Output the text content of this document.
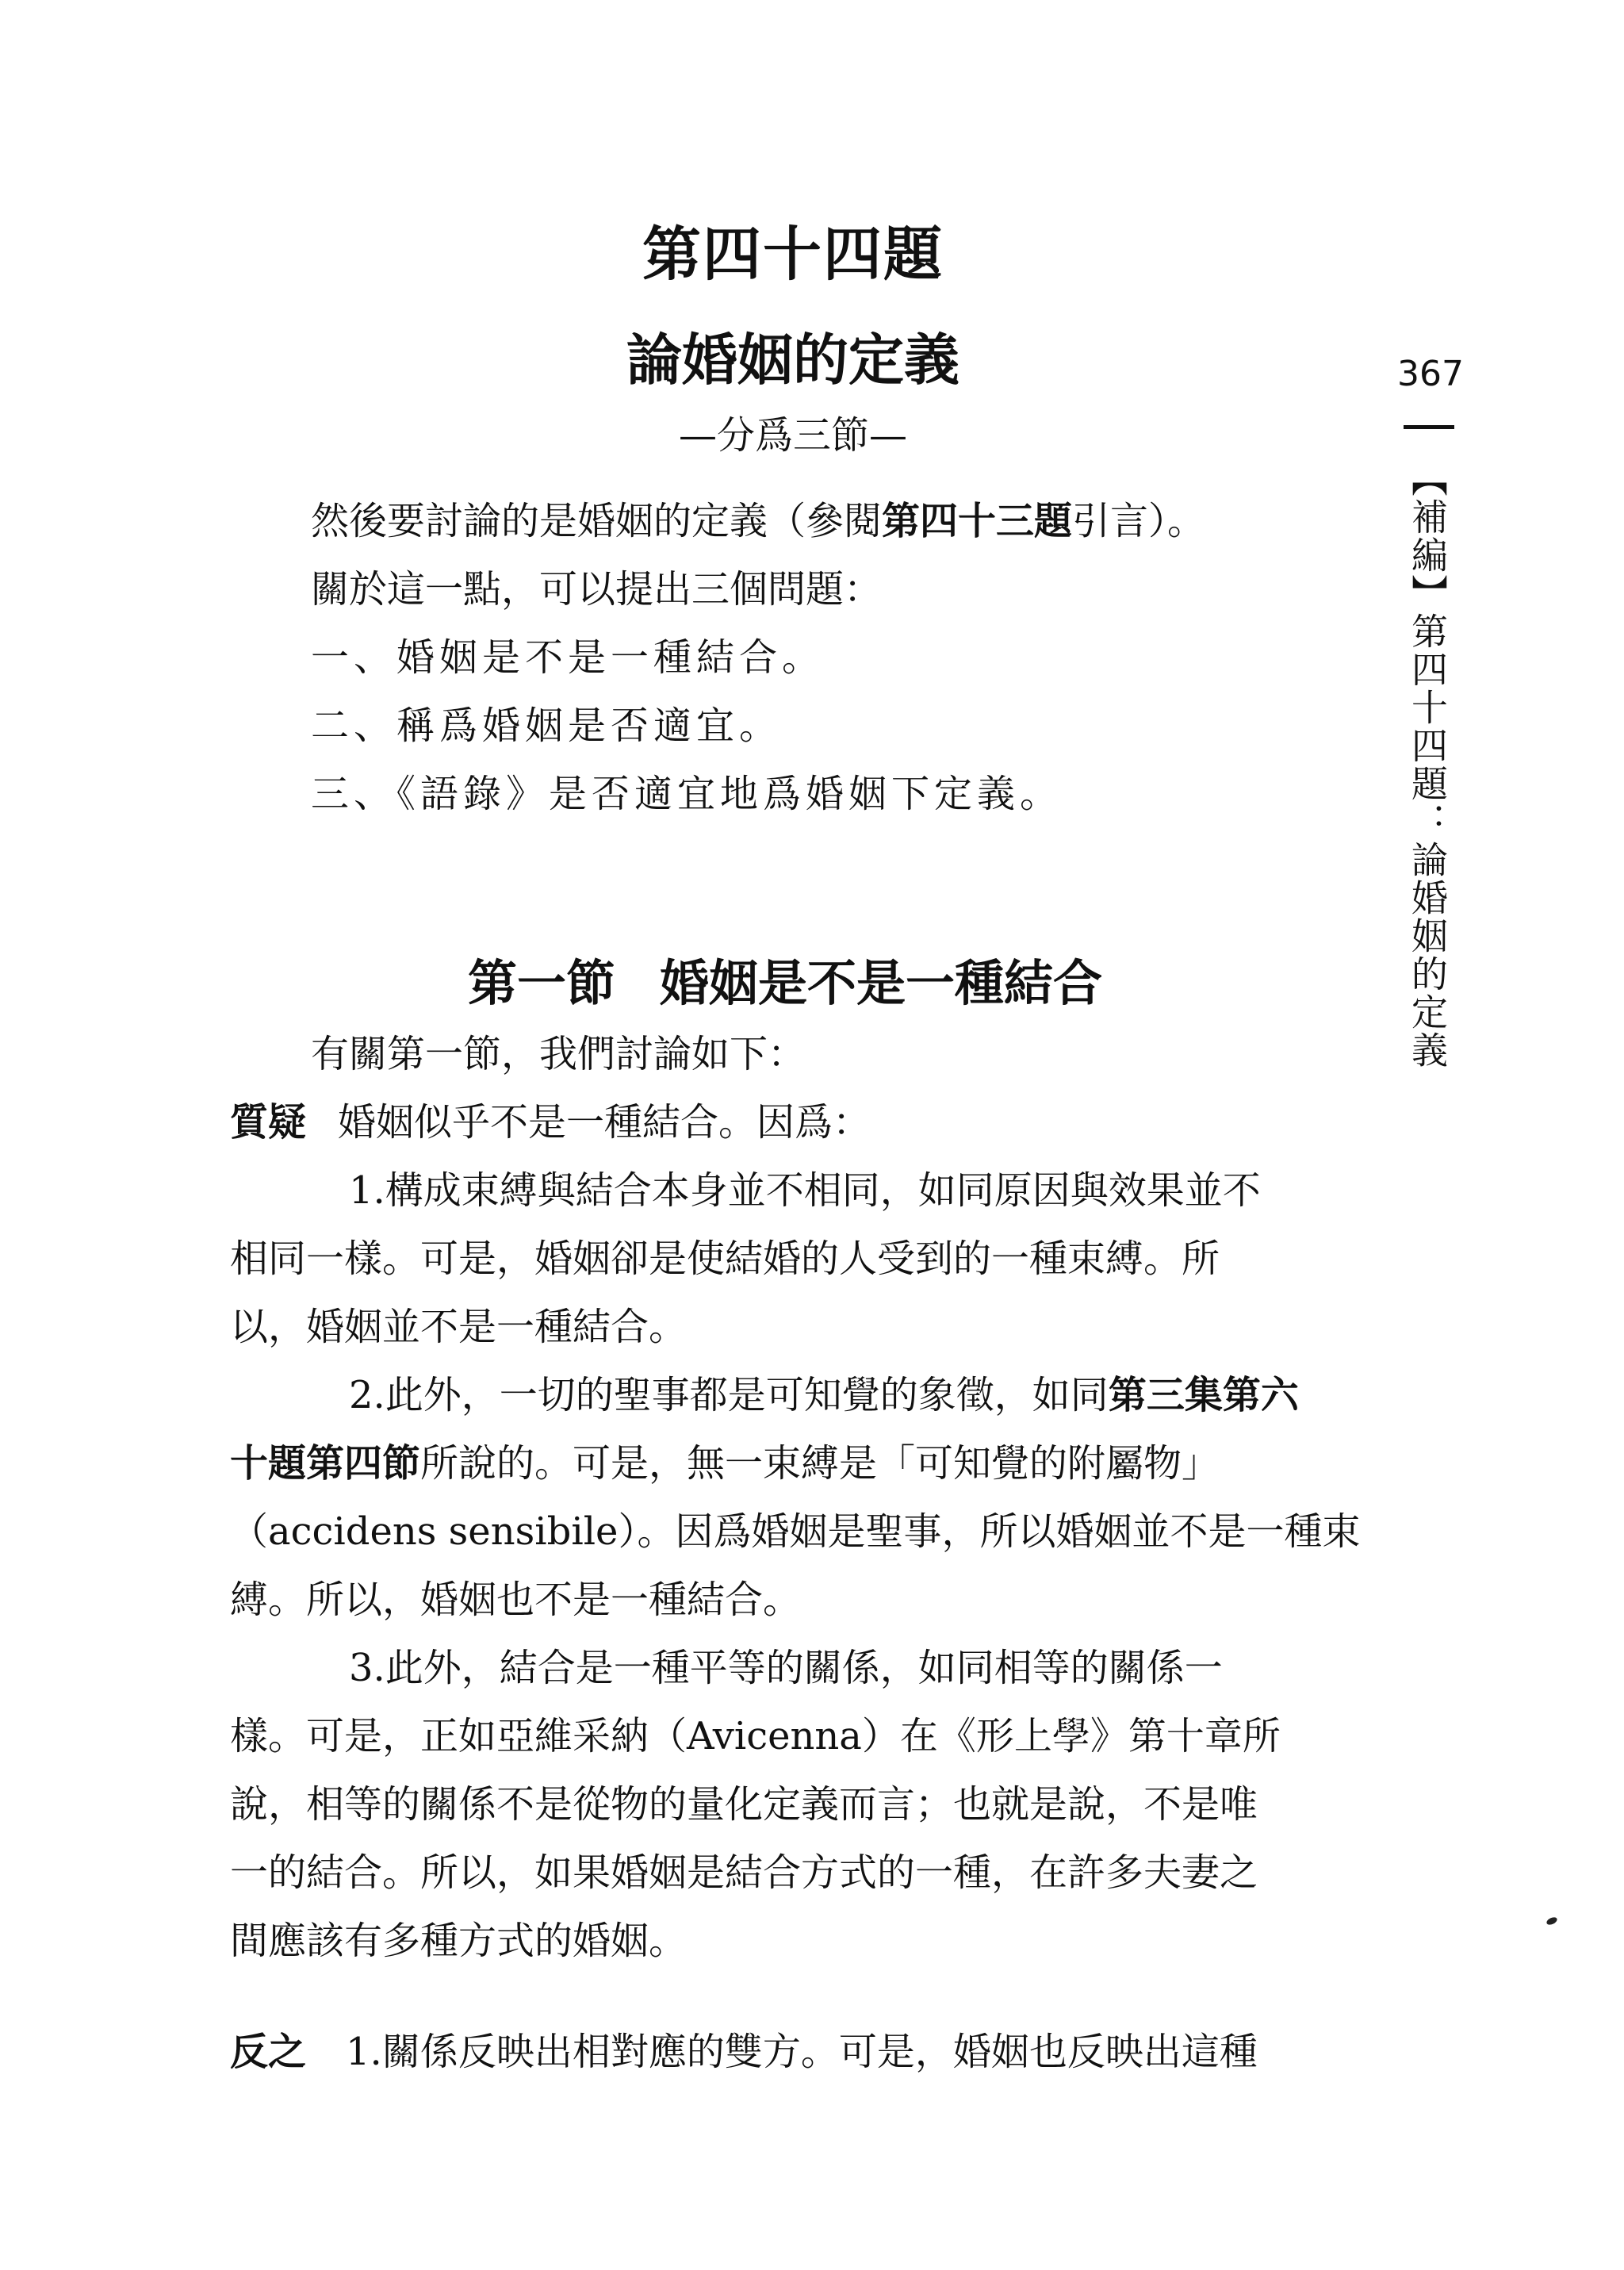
第四十四題
論婚姻的定義
—分爲三節—
367
【補編】第四十四題：論婚姻的定義
然後要討論的是婚姻的定義（參閱第四十三題引言）。
關於這一點，可以提出三個問題：
一、婚姻是不是一種結合。
二、稱爲婚姻是否適宜。
三、《語錄》是否適宜地爲婚姻下定義。
第一節 婚姻是不是一種結合
有關第一節，我們討論如下：
質疑 婚姻似乎不是一種結合。因爲：
1.構成束縛與結合本身並不相同，如同原因與效果並不
相同一樣。可是，婚姻卻是使結婚的人受到的一種束縛。所
以，婚姻並不是一種結合。
2.此外，一切的聖事都是可知覺的象徵，如同第三集第六
十題第四節所說的。可是，無一束縛是「可知覺的附屬物」
（accidens sensibile）。因爲婚姻是聖事，所以婚姻並不是一種束
縛。所以，婚姻也不是一種結合。
3.此外，結合是一種平等的關係，如同相等的關係一
樣。可是，正如亞維采納（Avicenna）在《形上學》第十章所
說，相等的關係不是從物的量化定義而言；也就是說，不是唯
一的結合。所以，如果婚姻是結合方式的一種，在許多夫妻之
間應該有多種方式的婚姻。
反之 1.關係反映出相對應的雙方。可是，婚姻也反映出這種
